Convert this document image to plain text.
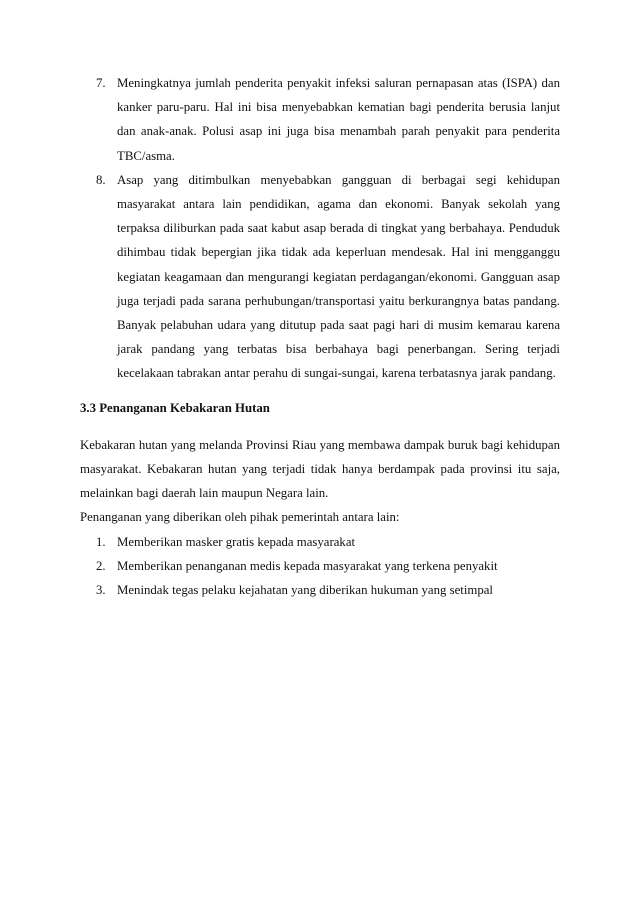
7. Meningkatnya jumlah penderita penyakit infeksi saluran pernapasan atas (ISPA) dan kanker paru-paru. Hal ini bisa menyebabkan kematian bagi penderita berusia lanjut dan anak-anak. Polusi asap ini juga bisa menambah parah penyakit para penderita TBC/asma.
8. Asap yang ditimbulkan menyebabkan gangguan di berbagai segi kehidupan masyarakat antara lain pendidikan, agama dan ekonomi. Banyak sekolah yang terpaksa diliburkan pada saat kabut asap berada di tingkat yang berbahaya. Penduduk dihimbau tidak bepergian jika tidak ada keperluan mendesak. Hal ini mengganggu kegiatan keagamaan dan mengurangi kegiatan perdagangan/ekonomi. Gangguan asap juga terjadi pada sarana perhubungan/transportasi yaitu berkurangnya batas pandang. Banyak pelabuhan udara yang ditutup pada saat pagi hari di musim kemarau karena jarak pandang yang terbatas bisa berbahaya bagi penerbangan. Sering terjadi kecelakaan tabrakan antar perahu di sungai-sungai, karena terbatasnya jarak pandang.
3.3 Penanganan Kebakaran Hutan

Kebakaran hutan yang melanda Provinsi Riau yang membawa dampak buruk bagi kehidupan masyarakat. Kebakaran hutan yang terjadi tidak hanya berdampak pada provinsi itu saja, melainkan bagi daerah lain maupun Negara lain.

Penanganan yang diberikan oleh pihak pemerintah antara lain:

1. Memberikan masker gratis kepada masyarakat
2. Memberikan penanganan medis kepada masyarakat yang terkena penyakit
3. Menindak tegas pelaku kejahatan yang diberikan hukuman yang setimpal
